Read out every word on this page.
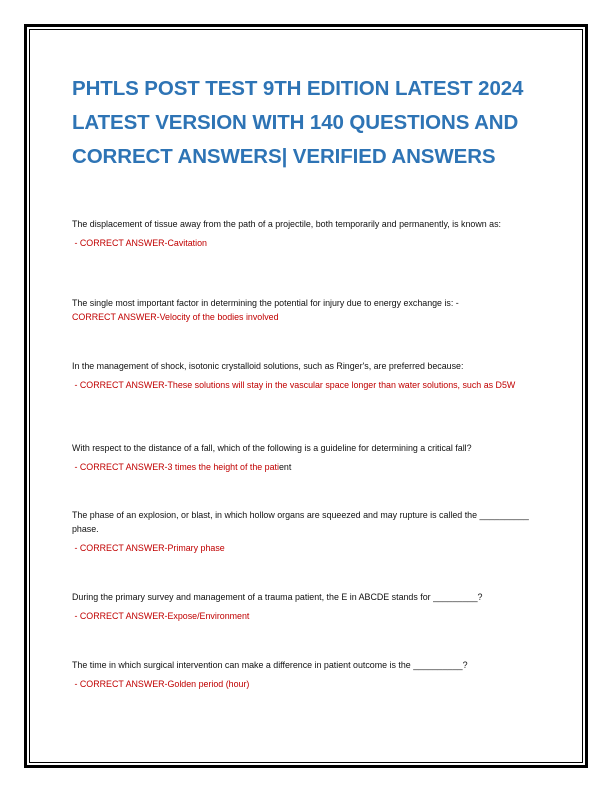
PHTLS POST TEST 9TH EDITION LATEST 2024 LATEST VERSION WITH 140 QUESTIONS AND CORRECT ANSWERS| VERIFIED ANSWERS

The displacement of tissue away from the path of a projectile, both temporarily and permanently, is known as:

- CORRECT ANSWER-Cavitation

The single most important factor in determining the potential for injury due to energy exchange is: -
CORRECT ANSWER-Velocity of the bodies involved

In the management of shock, isotonic crystalloid solutions, such as Ringer's, are preferred because:

- CORRECT ANSWER-These solutions will stay in the vascular space longer than water solutions, such as D5W

With respect to the distance of a fall, which of the following is a guideline for determining a critical fall?

- CORRECT ANSWER-3 times the height of the patient

The phase of an explosion, or blast, in which hollow organs are squeezed and may rupture is called the __________ phase.

- CORRECT ANSWER-Primary phase

During the primary survey and management of a trauma patient, the E in ABCDE stands for _________?

- CORRECT ANSWER-Expose/Environment

The time in which surgical intervention can make a difference in patient outcome is the __________?

- CORRECT ANSWER-Golden period (hour)
